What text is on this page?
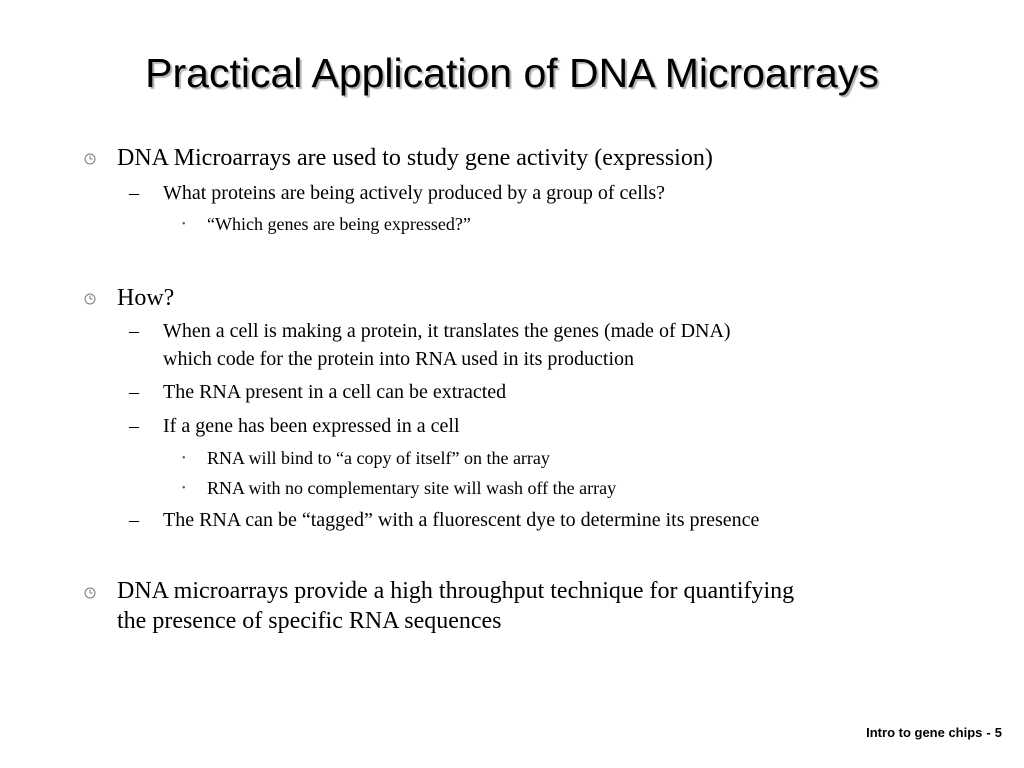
Practical Application of DNA Microarrays
DNA Microarrays are used to study gene activity (expression)
– What proteins are being actively produced by a group of cells?
• “Which genes are being expressed?”
How?
– When a cell is making a protein, it translates the genes (made of DNA)
which code for the protein into RNA used in its production
– The RNA present in a cell can be extracted
– If a gene has been expressed in a cell
• RNA will bind to “a copy of itself” on the array
• RNA with no complementary site will wash off the array
– The RNA can be “tagged” with a fluorescent dye to determine its presence
DNA microarrays provide a high throughput technique for quantifying
the presence of specific RNA sequences
Intro to gene chips - 5
